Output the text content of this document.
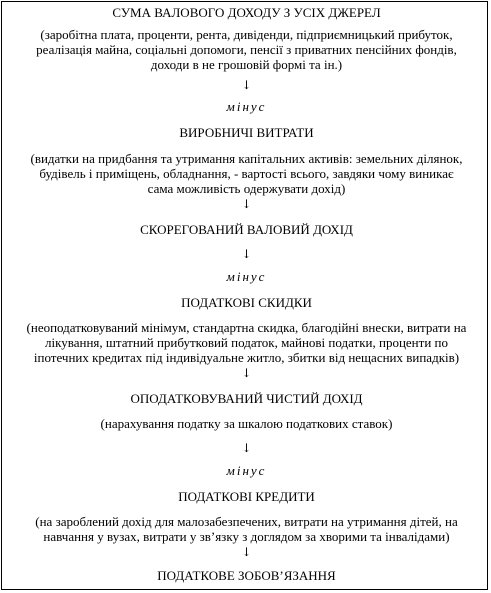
СУМА ВАЛОВОГО ДОХОДУ З УСІХ ДЖЕРЕЛ
(заробітна плата, проценти, рента, дивіденди, підприємницький прибуток,
реалізація майна, соціальні допомоги, пенсії з приватних пенсійних фондів,
доходи в не грошовій формі та ін.)
↓
мінус
ВИРОБНИЧІ ВИТРАТИ
(видатки на придбання та утримання капітальних активів: земельних ділянок,
будівель і приміщень, обладнання, - вартості всього, завдяки чому виникає
сама можливість одержувати дохід)
↓
СКОРЕГОВАНИЙ ВАЛОВИЙ ДОХІД
↓
мінус
ПОДАТКОВІ СКИДКИ
(неоподатковуваний мінімум, стандартна скидка, благодійні внески, витрати на
лікування, штатний прибутковий податок, майнові податки, проценти по
іпотечних кредитах під індивідуальне житло, збитки від нещасних випадків)
↓
ОПОДАТКОВУВАНИЙ ЧИСТИЙ ДОХІД
(нарахування податку за шкалою податкових ставок)
↓
мінус
ПОДАТКОВІ КРЕДИТИ
(на зароблений дохід для малозабезпечених, витрати на утримання дітей, на
навчання у вузах, витрати у зв’язку з доглядом за хворими та інвалідами)
↓
ПОДАТКОВЕ ЗОБОВ’ЯЗАННЯ
